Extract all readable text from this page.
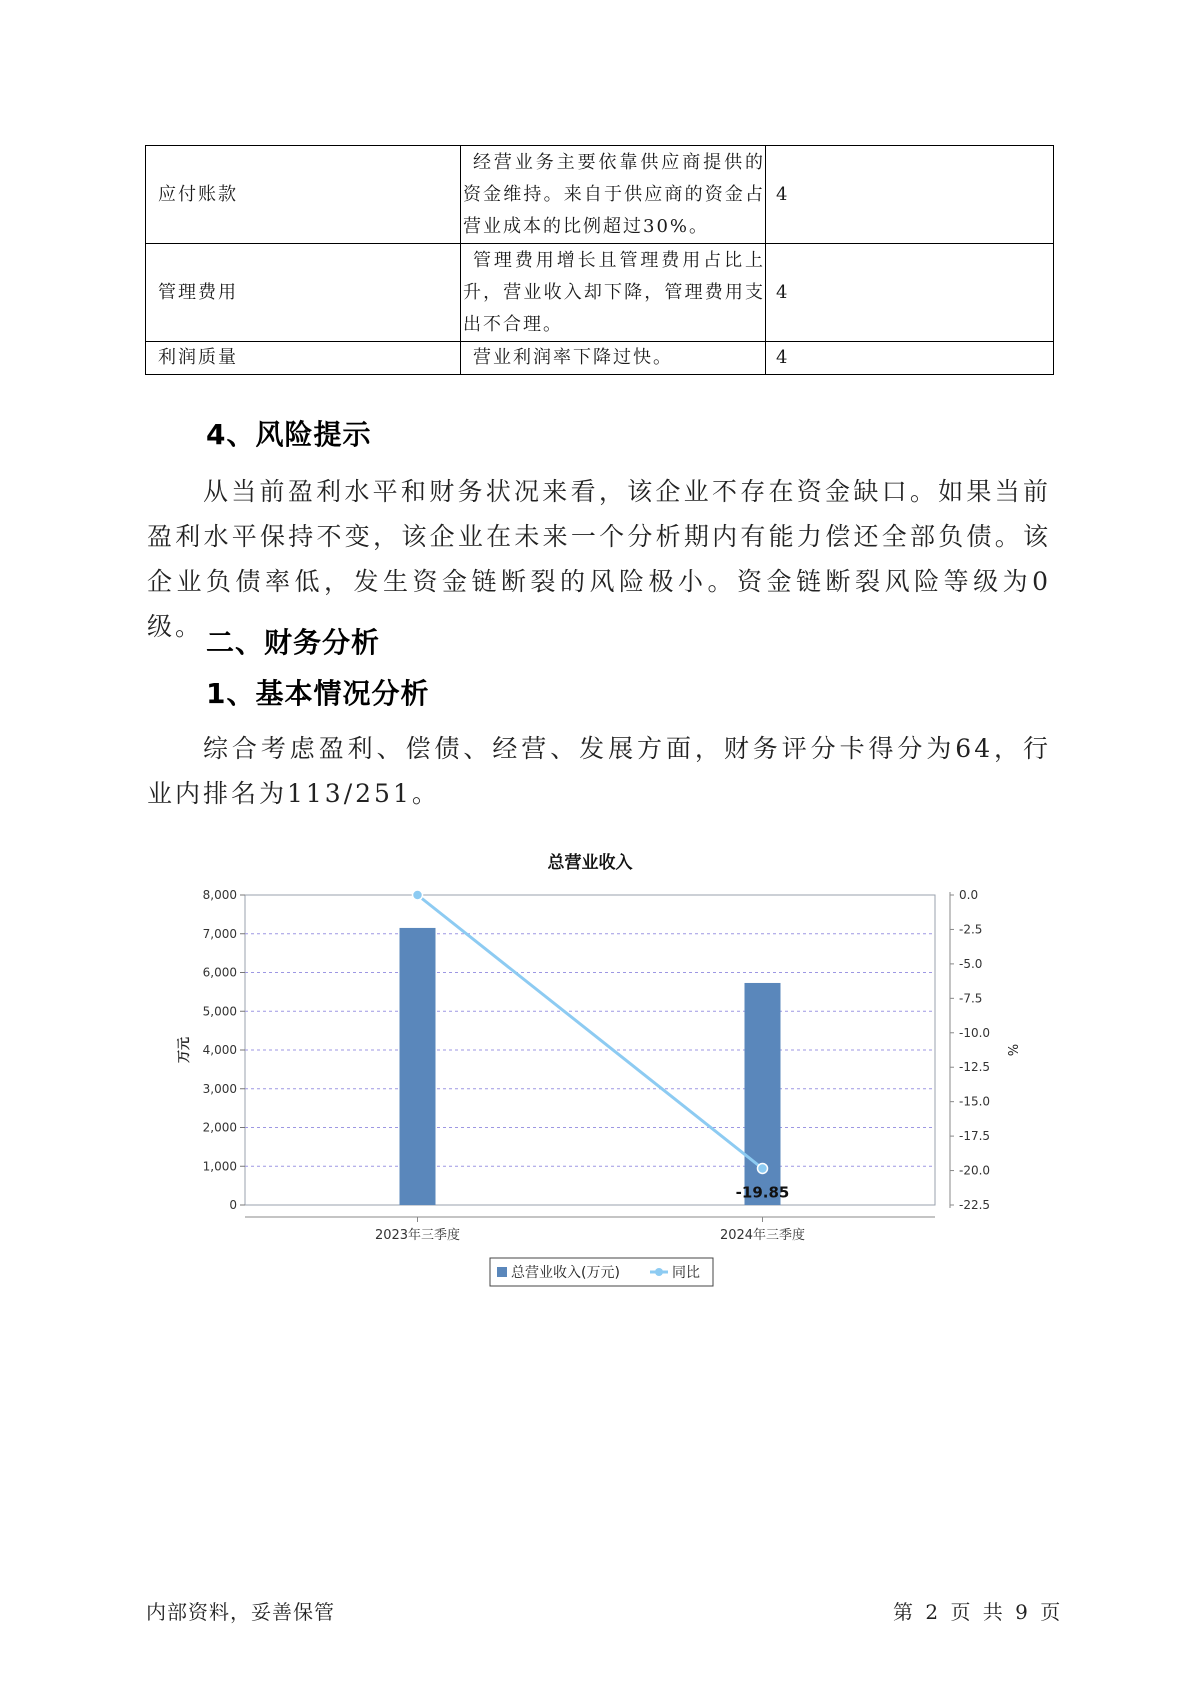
应付账款	经营业务主要依靠供应商提供的资金维持。来自于供应商的资金占营业成本的比例超过30%。	4
管理费用	管理费用增长且管理费用占比上升，营业收入却下降，管理费用支出不合理。	4
利润质量	营业利润率下降过快。	4
4、风险提示

从当前盈利水平和财务状况来看，该企业不存在资金缺口。如果当前盈利水平保持不变，该企业在未来一个分析期内有能力偿还全部负债。该企业负债率低，发生资金链断裂的风险极小。资金链断裂风险等级为0级。 二、财务分析
1、基本情况分析

综合考虑盈利、偿债、经营、发展方面，财务评分卡得分为64，行业内排名为113/251。

总营业收入
0
1,000
2,000
3,000
4,000
5,000
6,000
7,000
8,000	0.0
-2.5
-5.0
-7.5
-10.0
-12.5
-15.0
-17.5
-20.0
-22.5
万元	%
2023年三季度	2024年三季度
-19.85
总营业收入(万元)	同比
内部资料，妥善保管	第 2 页 共 9 页
